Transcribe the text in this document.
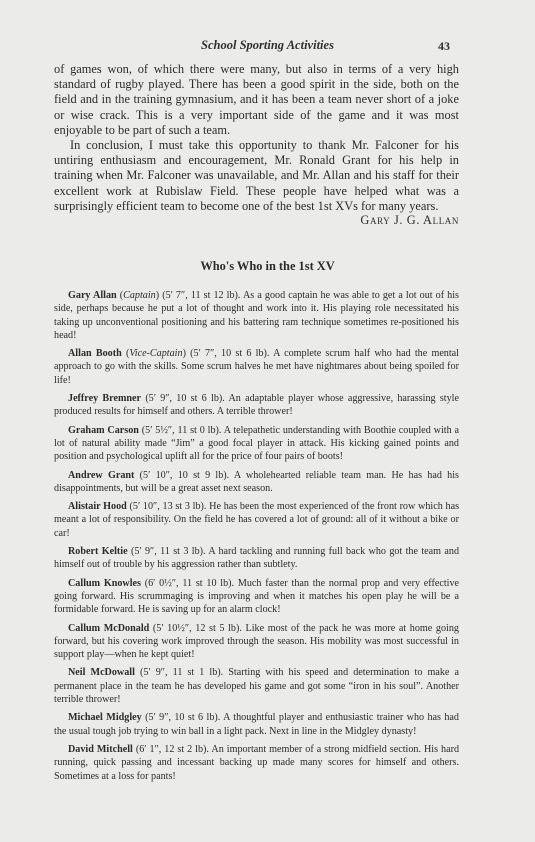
School Sporting Activities	43

of games won, of which there were many, but also in terms of a very high standard of rugby played. There has been a good spirit in the side, both on the field and in the training gymnasium, and it has been a team never short of a joke or wise crack. This is a very important side of the game and it was most enjoyable to be part of such a team.

In conclusion, I must take this opportunity to thank Mr. Falconer for his untiring enthusiasm and encouragement, Mr. Ronald Grant for his help in training when Mr. Falconer was unavailable, and Mr. Allan and his staff for their excellent work at Rubislaw Field. These people have helped what was a surprisingly efficient team to become one of the best 1st XVs for many years.

Gary J. G. Allan
Who's Who in the 1st XV

Gary Allan (Captain) (5′ 7″, 11 st 12 lb). As a good captain he was able to get a lot out of his side, perhaps because he put a lot of thought and work into it. His playing role necessitated his taking up unconventional positioning and his battering ram technique sometimes re-positioned his head!

Allan Booth (Vice-Captain) (5′ 7″, 10 st 6 lb). A complete scrum half who had the mental approach to go with the skills. Some scrum halves he met have nightmares about being spoiled for life!

Jeffrey Bremner (5′ 9″, 10 st 6 lb). An adaptable player whose aggressive, harassing style produced results for himself and others. A terrible thrower!

Graham Carson (5′ 5½″, 11 st 0 lb). A telepathetic understanding with Boothie coupled with a lot of natural ability made “Jim” a good focal player in attack. His kicking gained points and position and psychological uplift all for the price of four pairs of boots!

Andrew Grant (5′ 10″, 10 st 9 lb). A wholehearted reliable team man. He has had his disappointments, but will be a great asset next season.

Alistair Hood (5′ 10″, 13 st 3 lb). He has been the most experienced of the front row which has meant a lot of responsibility. On the field he has covered a lot of ground: all of it without a bike or car!

Robert Keltie (5′ 9″, 11 st 3 lb). A hard tackling and running full back who got the team and himself out of trouble by his aggression rather than subtlety.

Callum Knowles (6′ 0½″, 11 st 10 lb). Much faster than the normal prop and very effective going forward. His scrummaging is improving and when it matches his open play he will be a formidable forward. He is saving up for an alarm clock!

Callum McDonald (5′ 10½″, 12 st 5 lb). Like most of the pack he was more at home going forward, but his covering work improved through the season. His mobility was most successful in support play—when he kept quiet!

Neil McDowall (5′ 9″, 11 st 1 lb). Starting with his speed and determination to make a permanent place in the team he has developed his game and got some “iron in his soul”. Another terrible thrower!

Michael Midgley (5′ 9″, 10 st 6 lb). A thoughtful player and enthusiastic trainer who has had the usual tough job trying to win ball in a light pack. Next in line in the Midgley dynasty!

David Mitchell (6′ 1″, 12 st 2 lb). An important member of a strong midfield section. His hard running, quick passing and incessant backing up made many scores for himself and others. Sometimes at a loss for pants!
